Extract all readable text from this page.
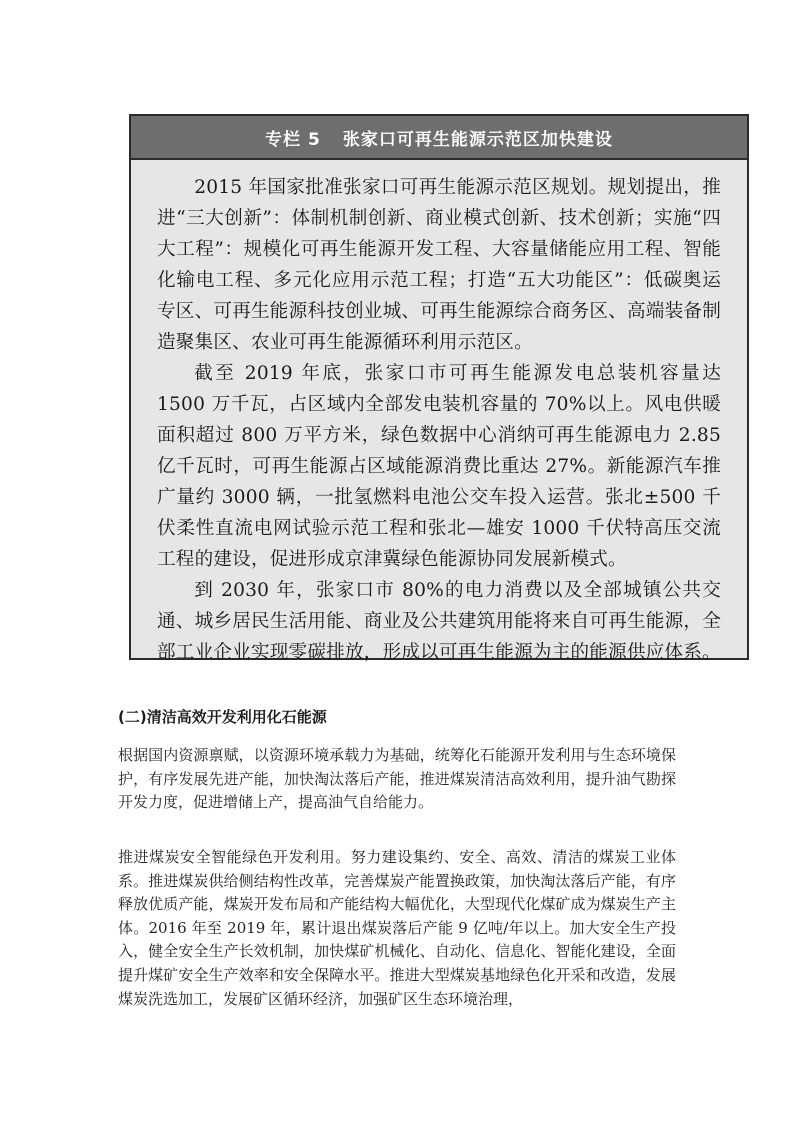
专栏 5 张家口可再生能源示范区加快建设

2015 年国家批准张家口可再生能源示范区规划。规划提出，推进“三大创新”：体制机制创新、商业模式创新、技术创新；实施“四大工程”：规模化可再生能源开发工程、大容量储能应用工程、智能化输电工程、多元化应用示范工程；打造“五大功能区”：低碳奥运专区、可再生能源科技创业城、可再生能源综合商务区、高端装备制造聚集区、农业可再生能源循环利用示范区。

截至 2019 年底，张家口市可再生能源发电总装机容量达 1500 万千瓦，占区域内全部发电装机容量的 70%以上。风电供暖面积超过 800 万平方米，绿色数据中心消纳可再生能源电力 2.85 亿千瓦时，可再生能源占区域能源消费比重达 27%。新能源汽车推广量约 3000 辆，一批氢燃料电池公交车投入运营。张北±500 千伏柔性直流电网试验示范工程和张北—雄安 1000 千伏特高压交流工程的建设，促进形成京津冀绿色能源协同发展新模式。

到 2030 年，张家口市 80%的电力消费以及全部城镇公共交通、城乡居民生活用能、商业及公共建筑用能将来自可再生能源，全部工业企业实现零碳排放，形成以可再生能源为主的能源供应体系。

(二)清洁高效开发利用化石能源

根据国内资源禀赋，以资源环境承载力为基础，统筹化石能源开发利用与生态环境保护，有序发展先进产能，加快淘汰落后产能，推进煤炭清洁高效利用，提升油气勘探开发力度，促进增储上产，提高油气自给能力。

推进煤炭安全智能绿色开发利用。努力建设集约、安全、高效、清洁的煤炭工业体系。推进煤炭供给侧结构性改革，完善煤炭产能置换政策，加快淘汰落后产能，有序释放优质产能，煤炭开发布局和产能结构大幅优化，大型现代化煤矿成为煤炭生产主体。2016 年至 2019 年，累计退出煤炭落后产能 9 亿吨/年以上。加大安全生产投入，健全安全生产长效机制，加快煤矿机械化、自动化、信息化、智能化建设，全面提升煤矿安全生产效率和安全保障水平。推进大型煤炭基地绿色化开采和改造，发展煤炭洗选加工，发展矿区循环经济，加强矿区生态环境治理，
